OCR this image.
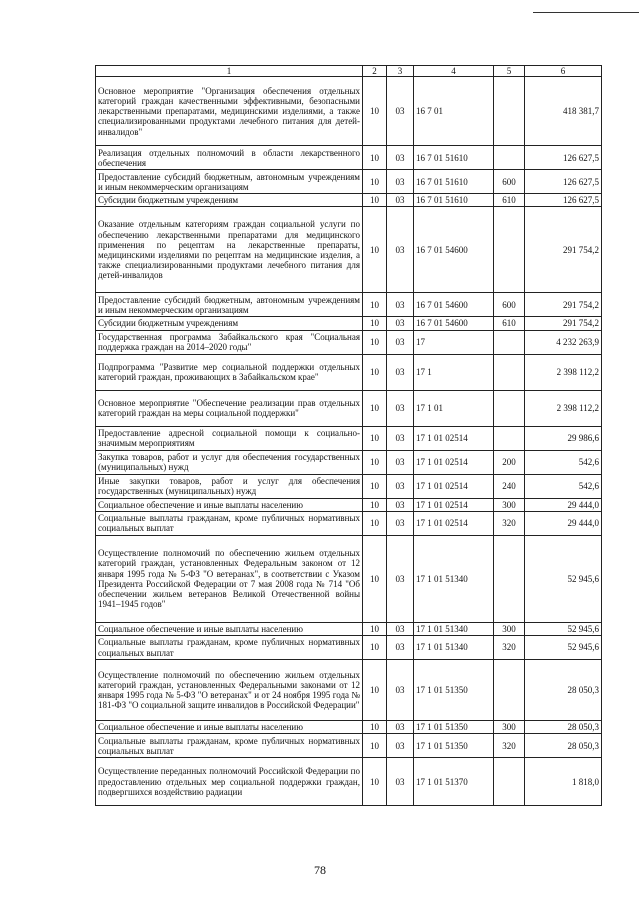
1	2	3	4	5	6
Основное мероприятие "Организация обеспечения отдельных категорий граждан качественными эффективными, безопасными лекарственными препаратами, медицинскими изделиями, а также специализированными продуктами лечебного питания для детей-инвалидов"	10	03	16 7 01		418 381,7
Реализация отдельных полномочий в области лекарственного обеспечения	10	03	16 7 01 51610		126 627,5
Предоставление субсидий бюджетным, автономным учреждениям и иным некоммерческим организациям	10	03	16 7 01 51610	600	126 627,5
Субсидии бюджетным учреждениям	10	03	16 7 01 51610	610	126 627,5
Оказание отдельным категориям граждан социальной услуги по обеспечению лекарственными препаратами для медицинского применения по рецептам на лекарственные препараты, медицинскими изделиями по рецептам на медицинские изделия, а также специализированными продуктами лечебного питания для детей-инвалидов	10	03	16 7 01 54600		291 754,2
Предоставление субсидий бюджетным, автономным учреждениям и иным некоммерческим организациям	10	03	16 7 01 54600	600	291 754,2
Субсидии бюджетным учреждениям	10	03	16 7 01 54600	610	291 754,2
Государственная программа Забайкальского края "Социальная поддержка граждан на 2014–2020 годы"	10	03	17		4 232 263,9
Подпрограмма "Развитие мер социальной поддержки отдельных категорий граждан, проживающих в Забайкальском крае"	10	03	17 1		2 398 112,2
Основное мероприятие "Обеспечение реализации прав отдельных категорий граждан на меры социальной поддержки"	10	03	17 1 01		2 398 112,2
Предоставление адресной социальной помощи к социально-значимым мероприятиям	10	03	17 1 01 02514		29 986,6
Закупка товаров, работ и услуг для обеспечения государственных (муниципальных) нужд	10	03	17 1 01 02514	200	542,6
Иные закупки товаров, работ и услуг для обеспечения государственных (муниципальных) нужд	10	03	17 1 01 02514	240	542,6
Социальное обеспечение и иные выплаты населению	10	03	17 1 01 02514	300	29 444,0
Социальные выплаты гражданам, кроме публичных нормативных социальных выплат	10	03	17 1 01 02514	320	29 444,0
Осуществление полномочий по обеспечению жильем отдельных категорий граждан, установленных Федеральным законом от 12 января 1995 года № 5-ФЗ "О ветеранах", в соответствии с Указом Президента Российской Федерации от 7 мая 2008 года № 714 "Об обеспечении жильем ветеранов Великой Отечественной войны 1941–1945 годов"	10	03	17 1 01 51340		52 945,6
Социальное обеспечение и иные выплаты населению	10	03	17 1 01 51340	300	52 945,6
Социальные выплаты гражданам, кроме публичных нормативных социальных выплат	10	03	17 1 01 51340	320	52 945,6
Осуществление полномочий по обеспечению жильем отдельных категорий граждан, установленных Федеральными законами от 12 января 1995 года № 5-ФЗ "О ветеранах" и от 24 ноября 1995 года № 181-ФЗ "О социальной защите инвалидов в Российской Федерации"	10	03	17 1 01 51350		28 050,3
Социальное обеспечение и иные выплаты населению	10	03	17 1 01 51350	300	28 050,3
Социальные выплаты гражданам, кроме публичных нормативных социальных выплат	10	03	17 1 01 51350	320	28 050,3
Осуществление переданных полномочий Российской Федерации по предоставлению отдельных мер социальной поддержки граждан, подвергшихся воздействию радиации	10	03	17 1 01 51370		1 818,0
78
